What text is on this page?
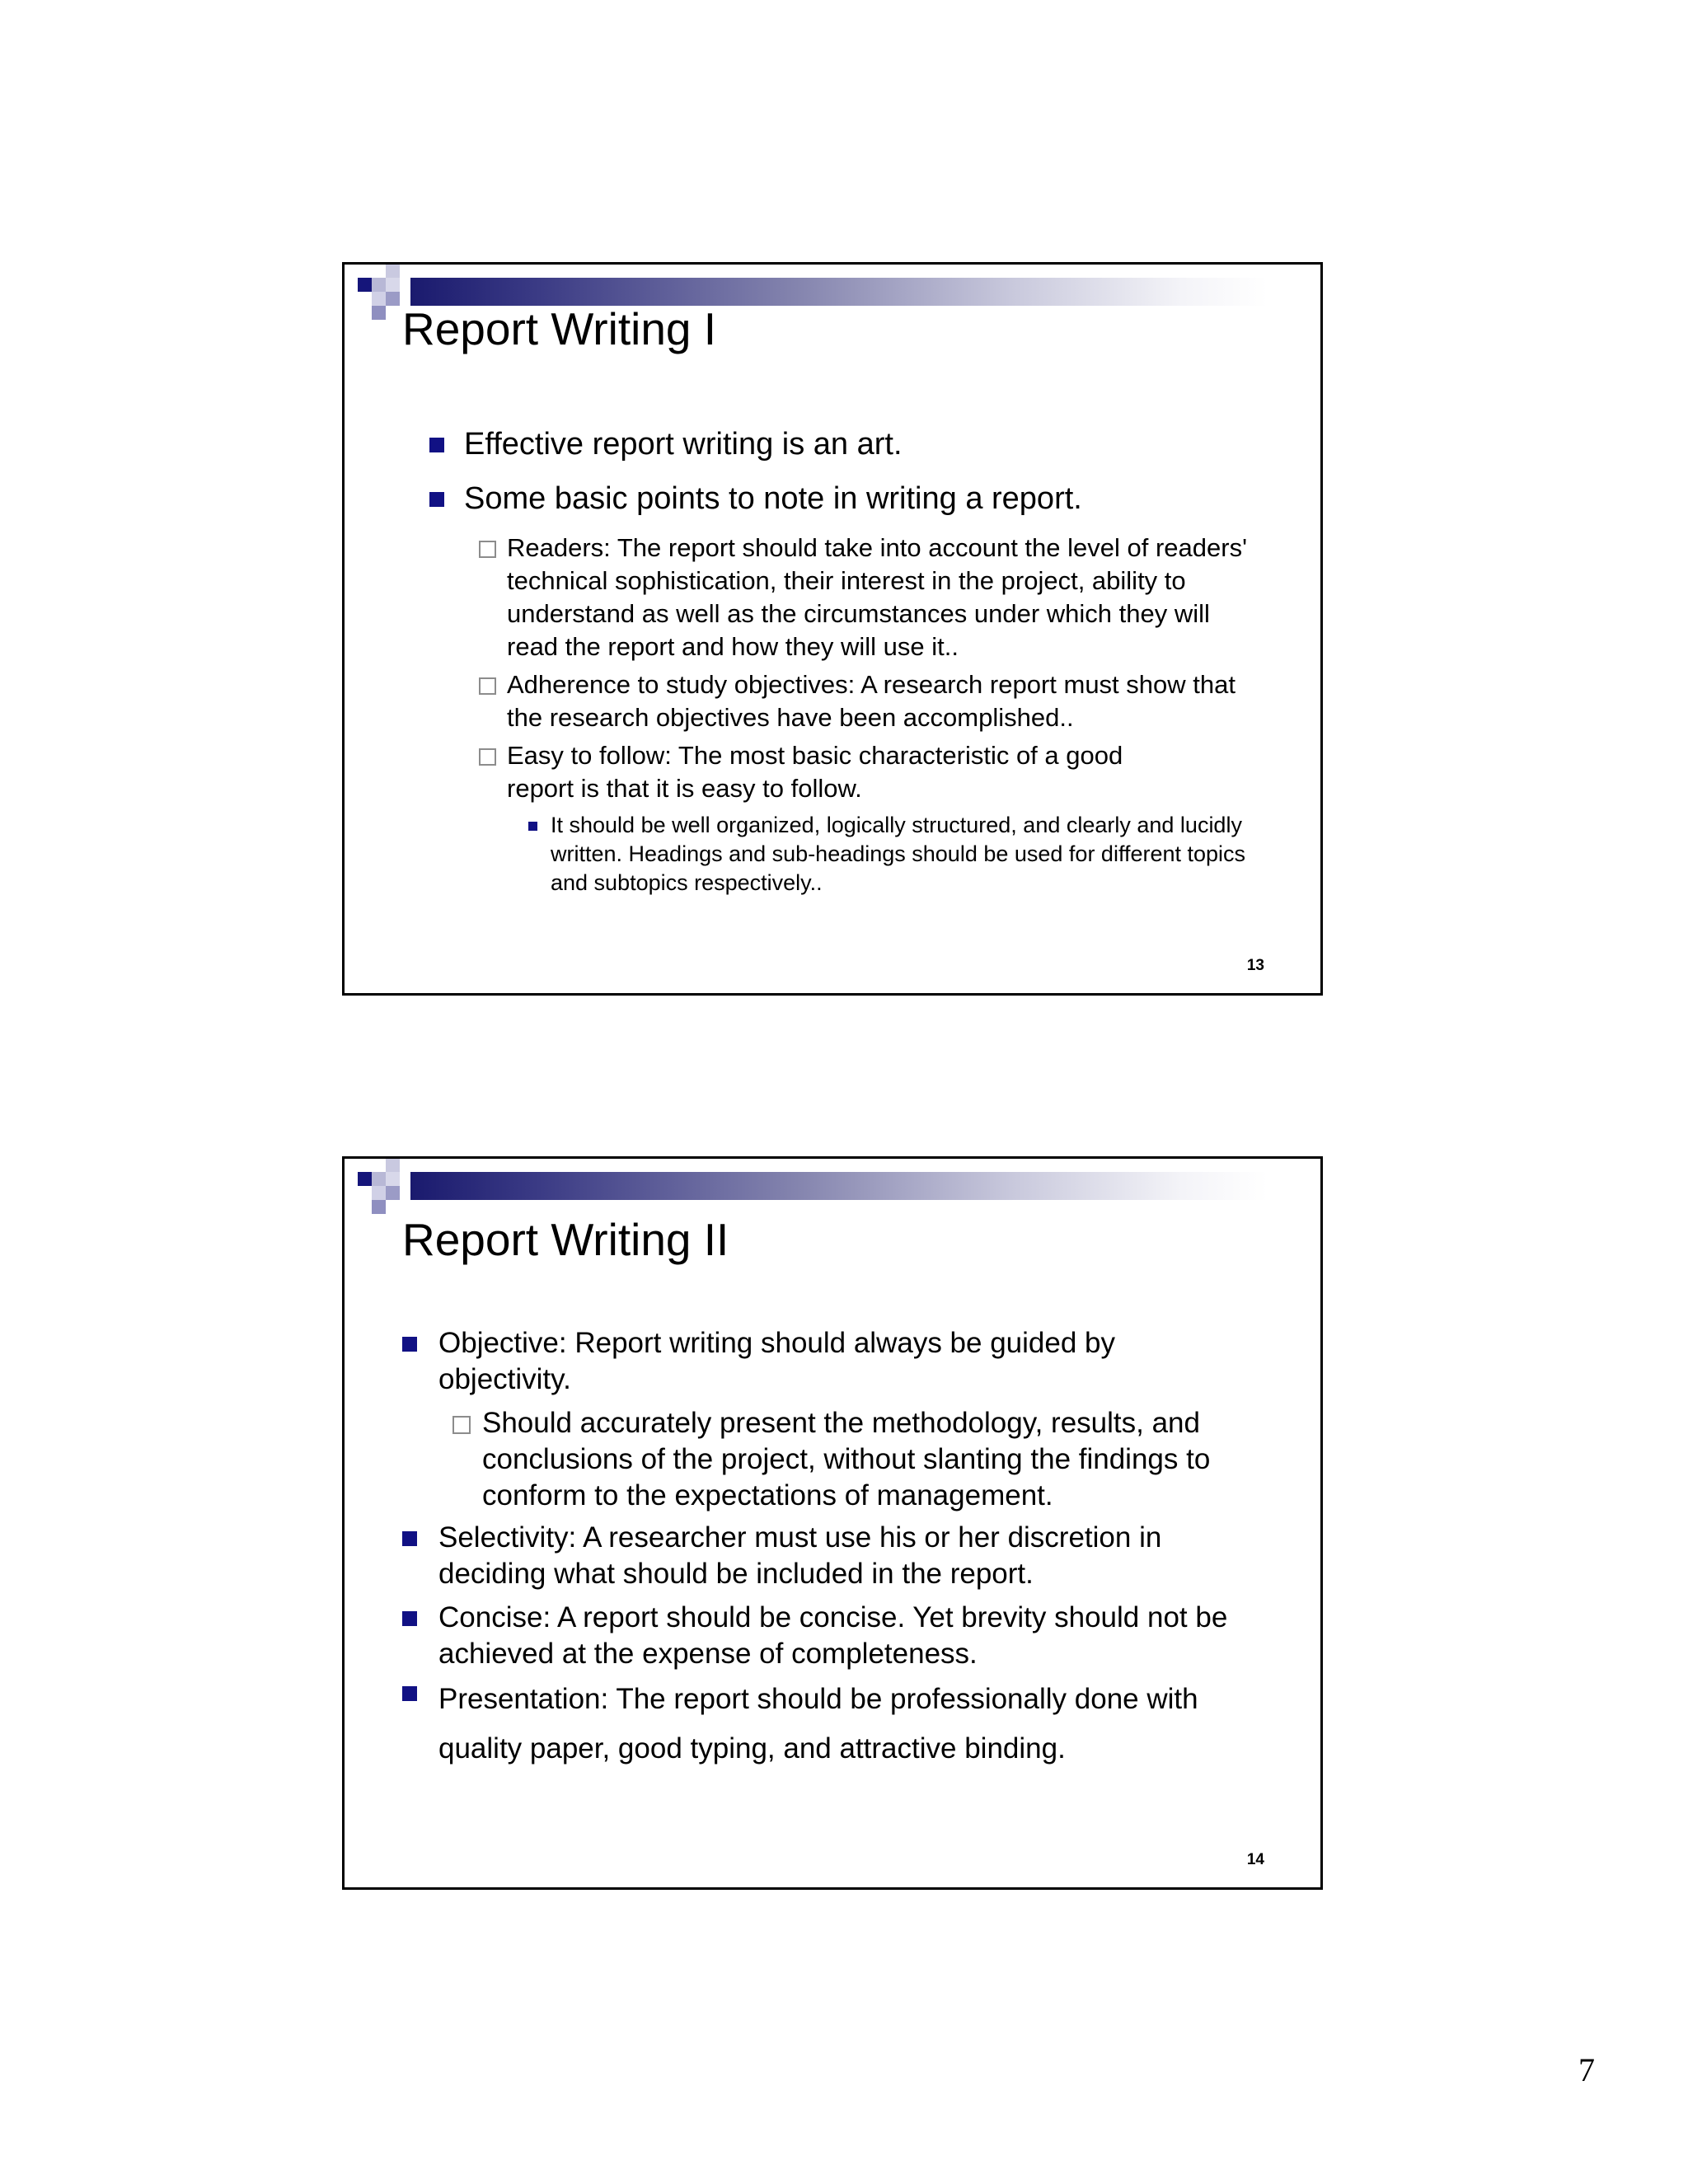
Report Writing I
Effective report writing is an art.
Some basic points to note in writing a report.
Readers: The report should take into account the level of readers' technical sophistication, their interest in the project, ability to understand as well as the circumstances under which they will read the report and how they will use it..
Adherence to study objectives: A research report must show that the research objectives have been accomplished..
Easy to follow: The most basic characteristic of a good report is that it is easy to follow.
It should be well organized, logically structured, and clearly and lucidly written. Headings and sub-headings should be used for different topics and subtopics respectively..
13
Report Writing II
Objective: Report writing should always be guided by objectivity.
Should accurately present the methodology, results, and conclusions of the project, without slanting the findings to conform to the expectations of management.
Selectivity: A researcher must use his or her discretion in deciding what should be included in the report.
Concise: A report should be concise. Yet brevity should not be achieved at the expense of completeness.
Presentation: The report should be professionally done with quality paper, good typing, and attractive binding.
14
7
